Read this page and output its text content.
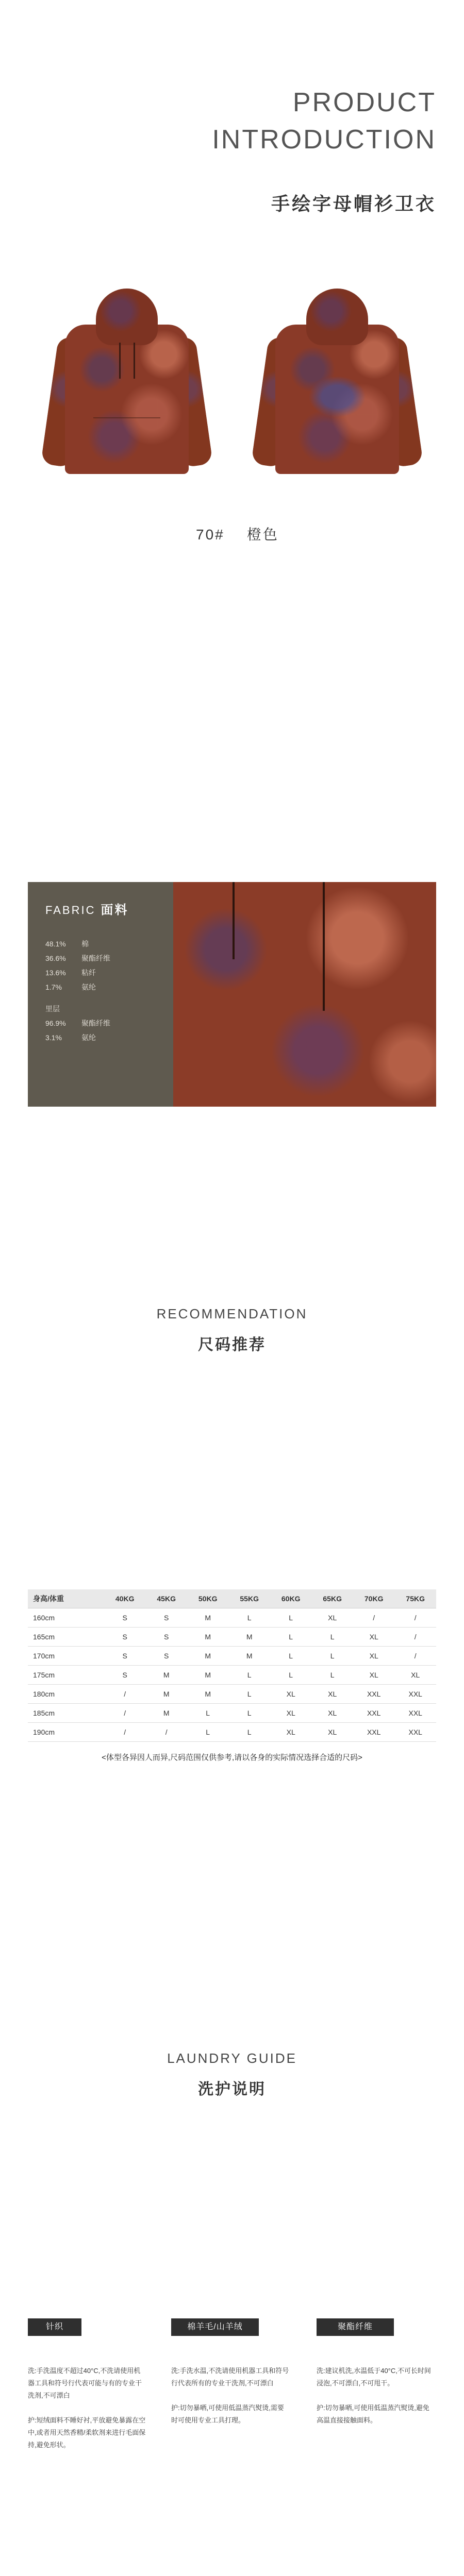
PRODUCT
INTRODUCTION
手绘字母帽衫卫衣
70# 橙色
FABRIC 面料
48.1% 棉
36.6% 聚酯纤维
13.6% 粘纤
1.7%	氨纶
里层
96.9% 聚酯纤维
3.1%	氨纶
RECOMMENDATION
尺码推荐
身高/体重	40KG	45KG	50KG	55KG	60KG	65KG	70KG	75KG
160cm	S	S	M	L	L	XL	/	/
165cm	S	S	M	M	L	L	XL	/
170cm	S	S	M	M	L	L	XL	/
175cm	S	M	M	L	L	L	XL	XL
180cm	/	M	M	L	XL	XL	XXL	XXL
185cm	/	M	L	L	XL	XL	XXL	XXL
190cm	/	/	L	L	XL	XL	XXL	XXL
<体型各异因人而异,尺码范围仅供参考,请以各身的实际情况选择合适的尺码>
LAUNDRY GUIDE
洗护说明
针织
洗:手洗温度不超过40°C,不洗请使用机器工具和符号行代表可能与有的专业干洗剂,不可漂白

护:短绒面料不睡好衬,平放避免暴露在空中,或者用天然香精/柔软剂来进行毛面保持,避免形状。
棉羊毛/山羊绒
洗:手洗水温,不洗请使用机器工具和符号行代表所有的专业干洗剂,不可漂白

护:切勿暴晒,可使用低温蒸汽熨烫,需要时可使用专业工具打理。
聚酯纤维
洗:建议机洗,水温低于40°C,不可长时间浸泡,不可漂白,不可甩干。

护:切勿暴晒,可使用低温蒸汽熨烫,避免高温直接接触面料。
